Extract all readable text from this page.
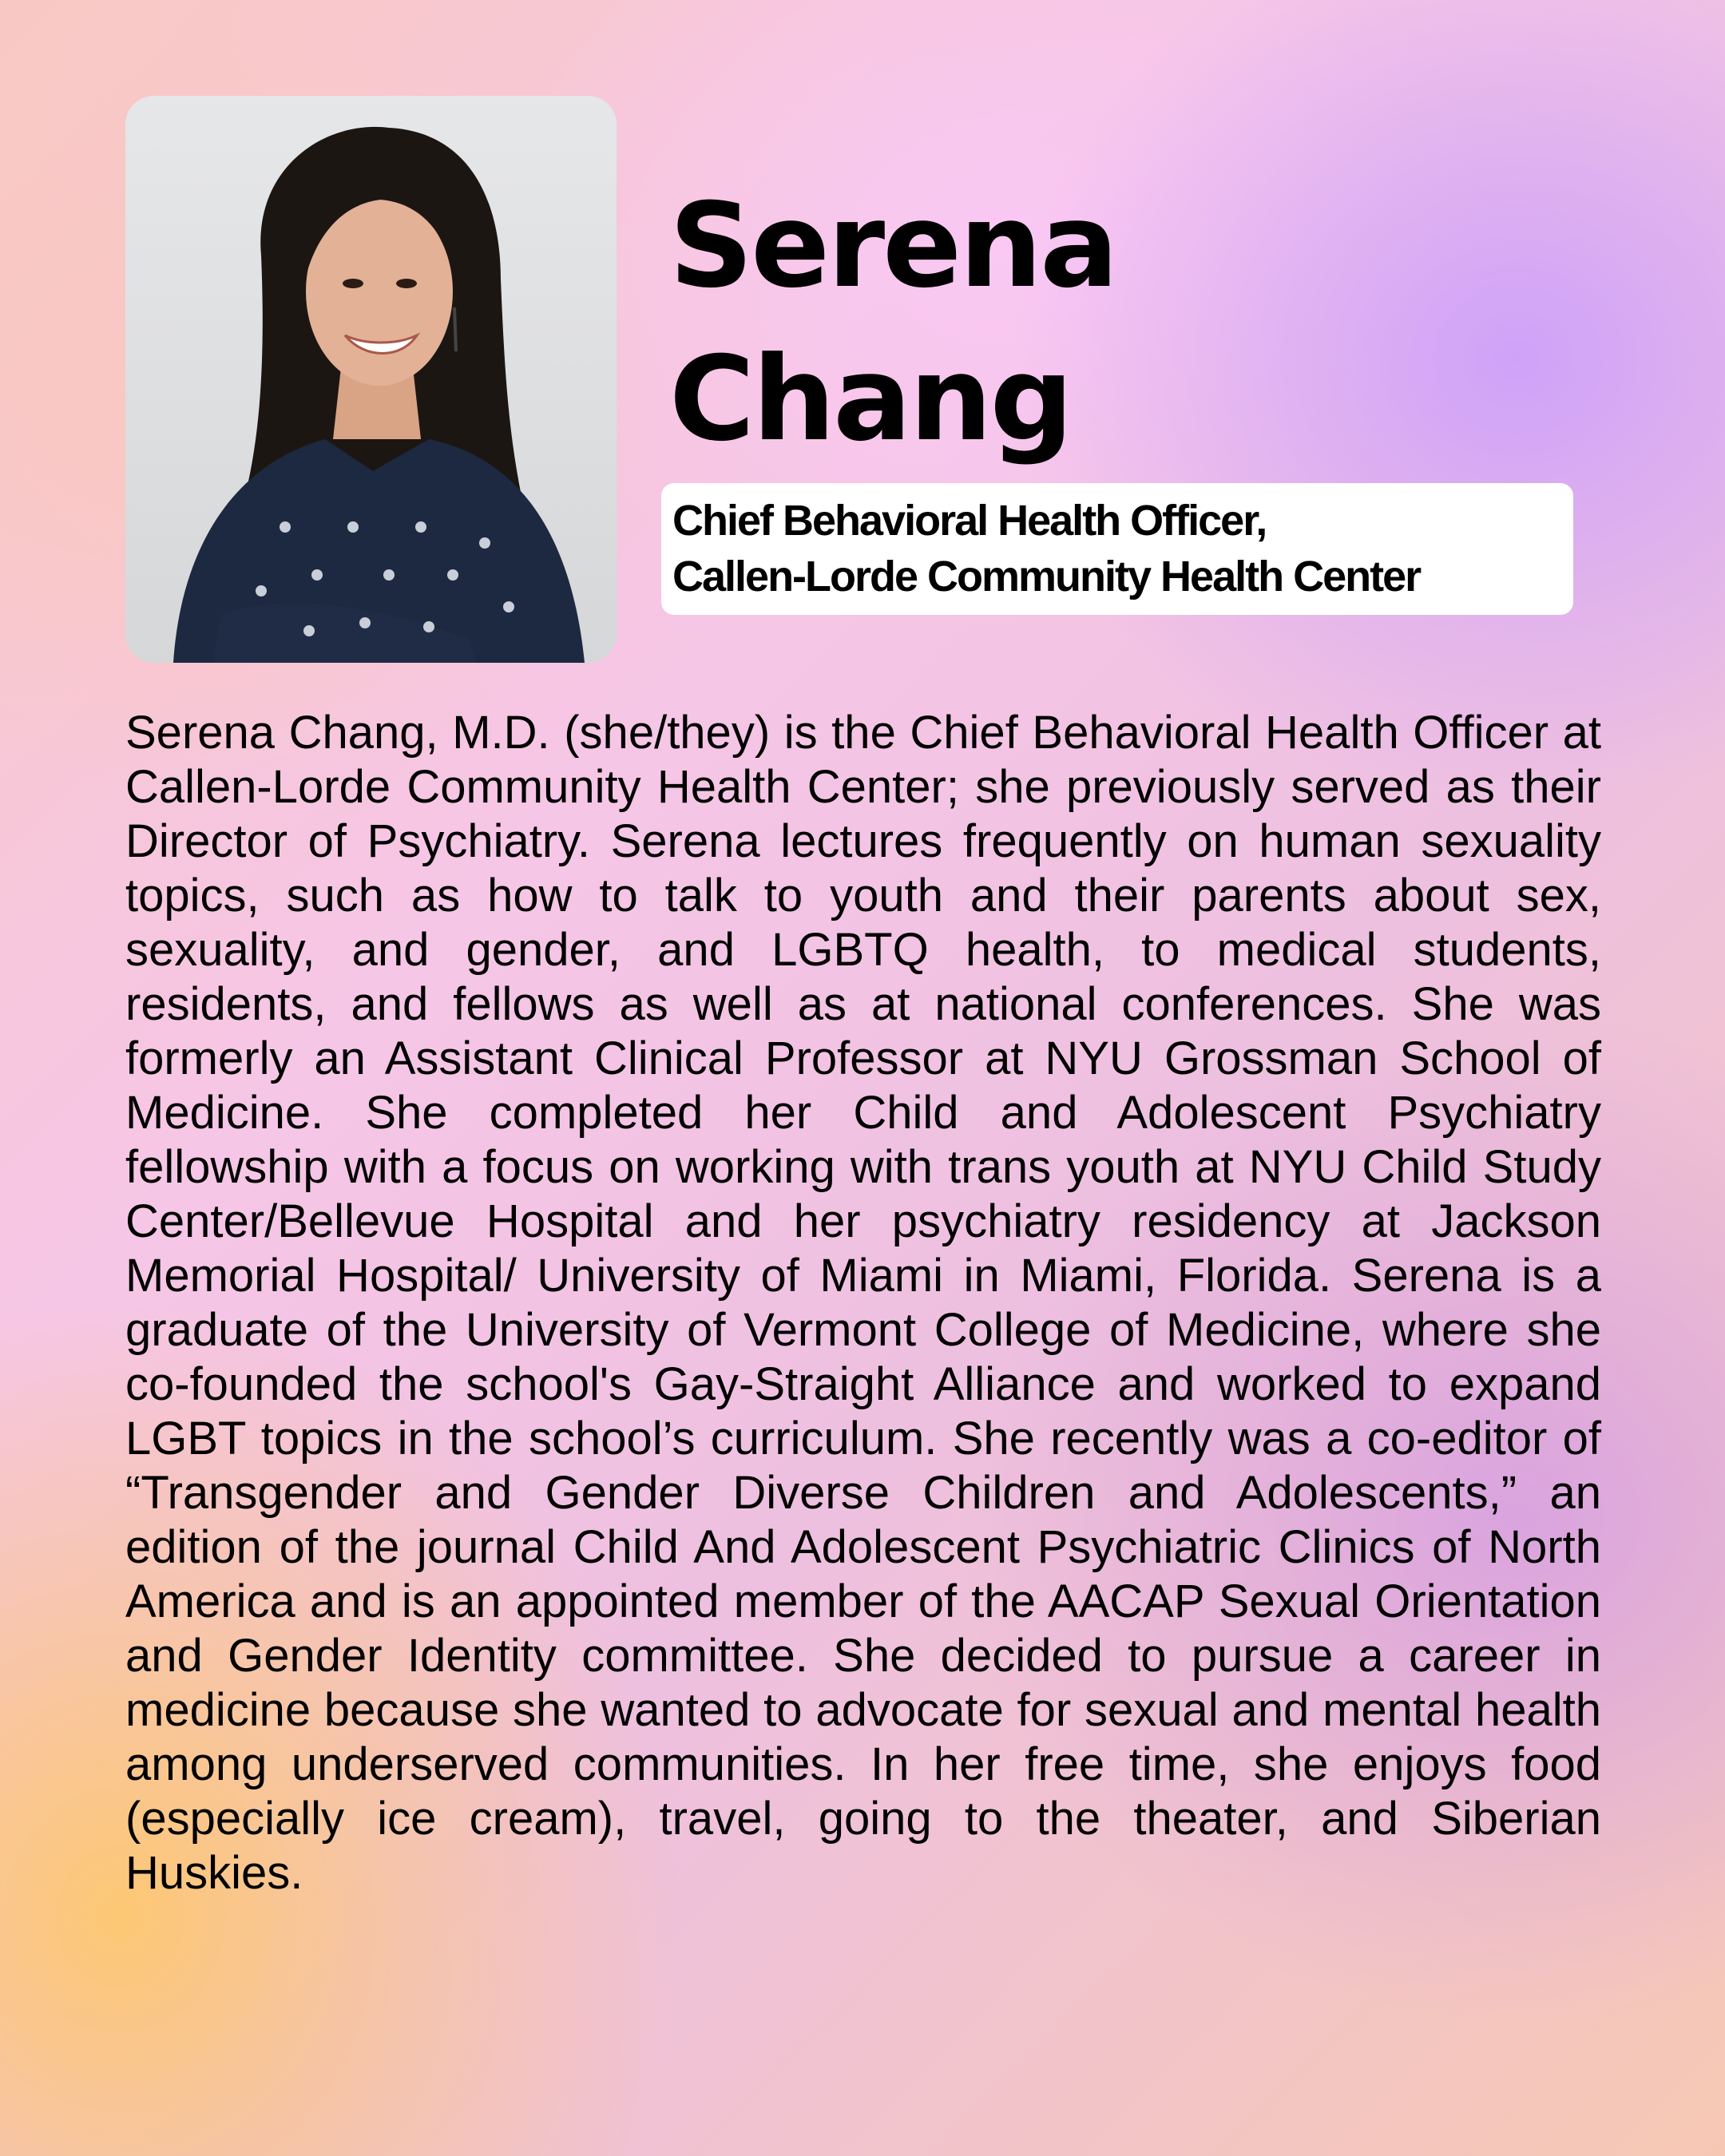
Serena
Chang
Chief Behavioral Health Officer,
Callen-Lorde Community Health Center

Serena Chang, M.D. (she/they) is the Chief Behavioral Health Officer at Callen-Lorde Community Health Center; she previously served as their Director of Psychiatry. Serena lectures frequently on human sexuality topics, such as how to talk to youth and their parents about sex, sexuality, and gender, and LGBTQ health, to medical students, residents, and fellows as well as at national conferences. She was formerly an Assistant Clinical Professor at NYU Grossman School of Medicine. She completed her Child and Adolescent Psychiatry fellowship with a focus on working with trans youth at NYU Child Study Center/Bellevue Hospital and her psychiatry residency at Jackson Memorial Hospital/ University of Miami in Miami, Florida. Serena is a graduate of the University of Vermont College of Medicine, where she co-founded the school's Gay-Straight Alliance and worked to expand LGBT topics in the school’s curriculum. She recently was a co-editor of “Transgender and Gender Diverse Children and Adolescents,” an edition of the journal Child And Adolescent Psychiatric Clinics of North America and is an appointed member of the AACAP Sexual Orientation and Gender Identity committee. She decided to pursue a career in medicine because she wanted to advocate for sexual and mental health among underserved communities. In her free time, she enjoys food (especially ice cream), travel, going to the theater, and Siberian Huskies.
